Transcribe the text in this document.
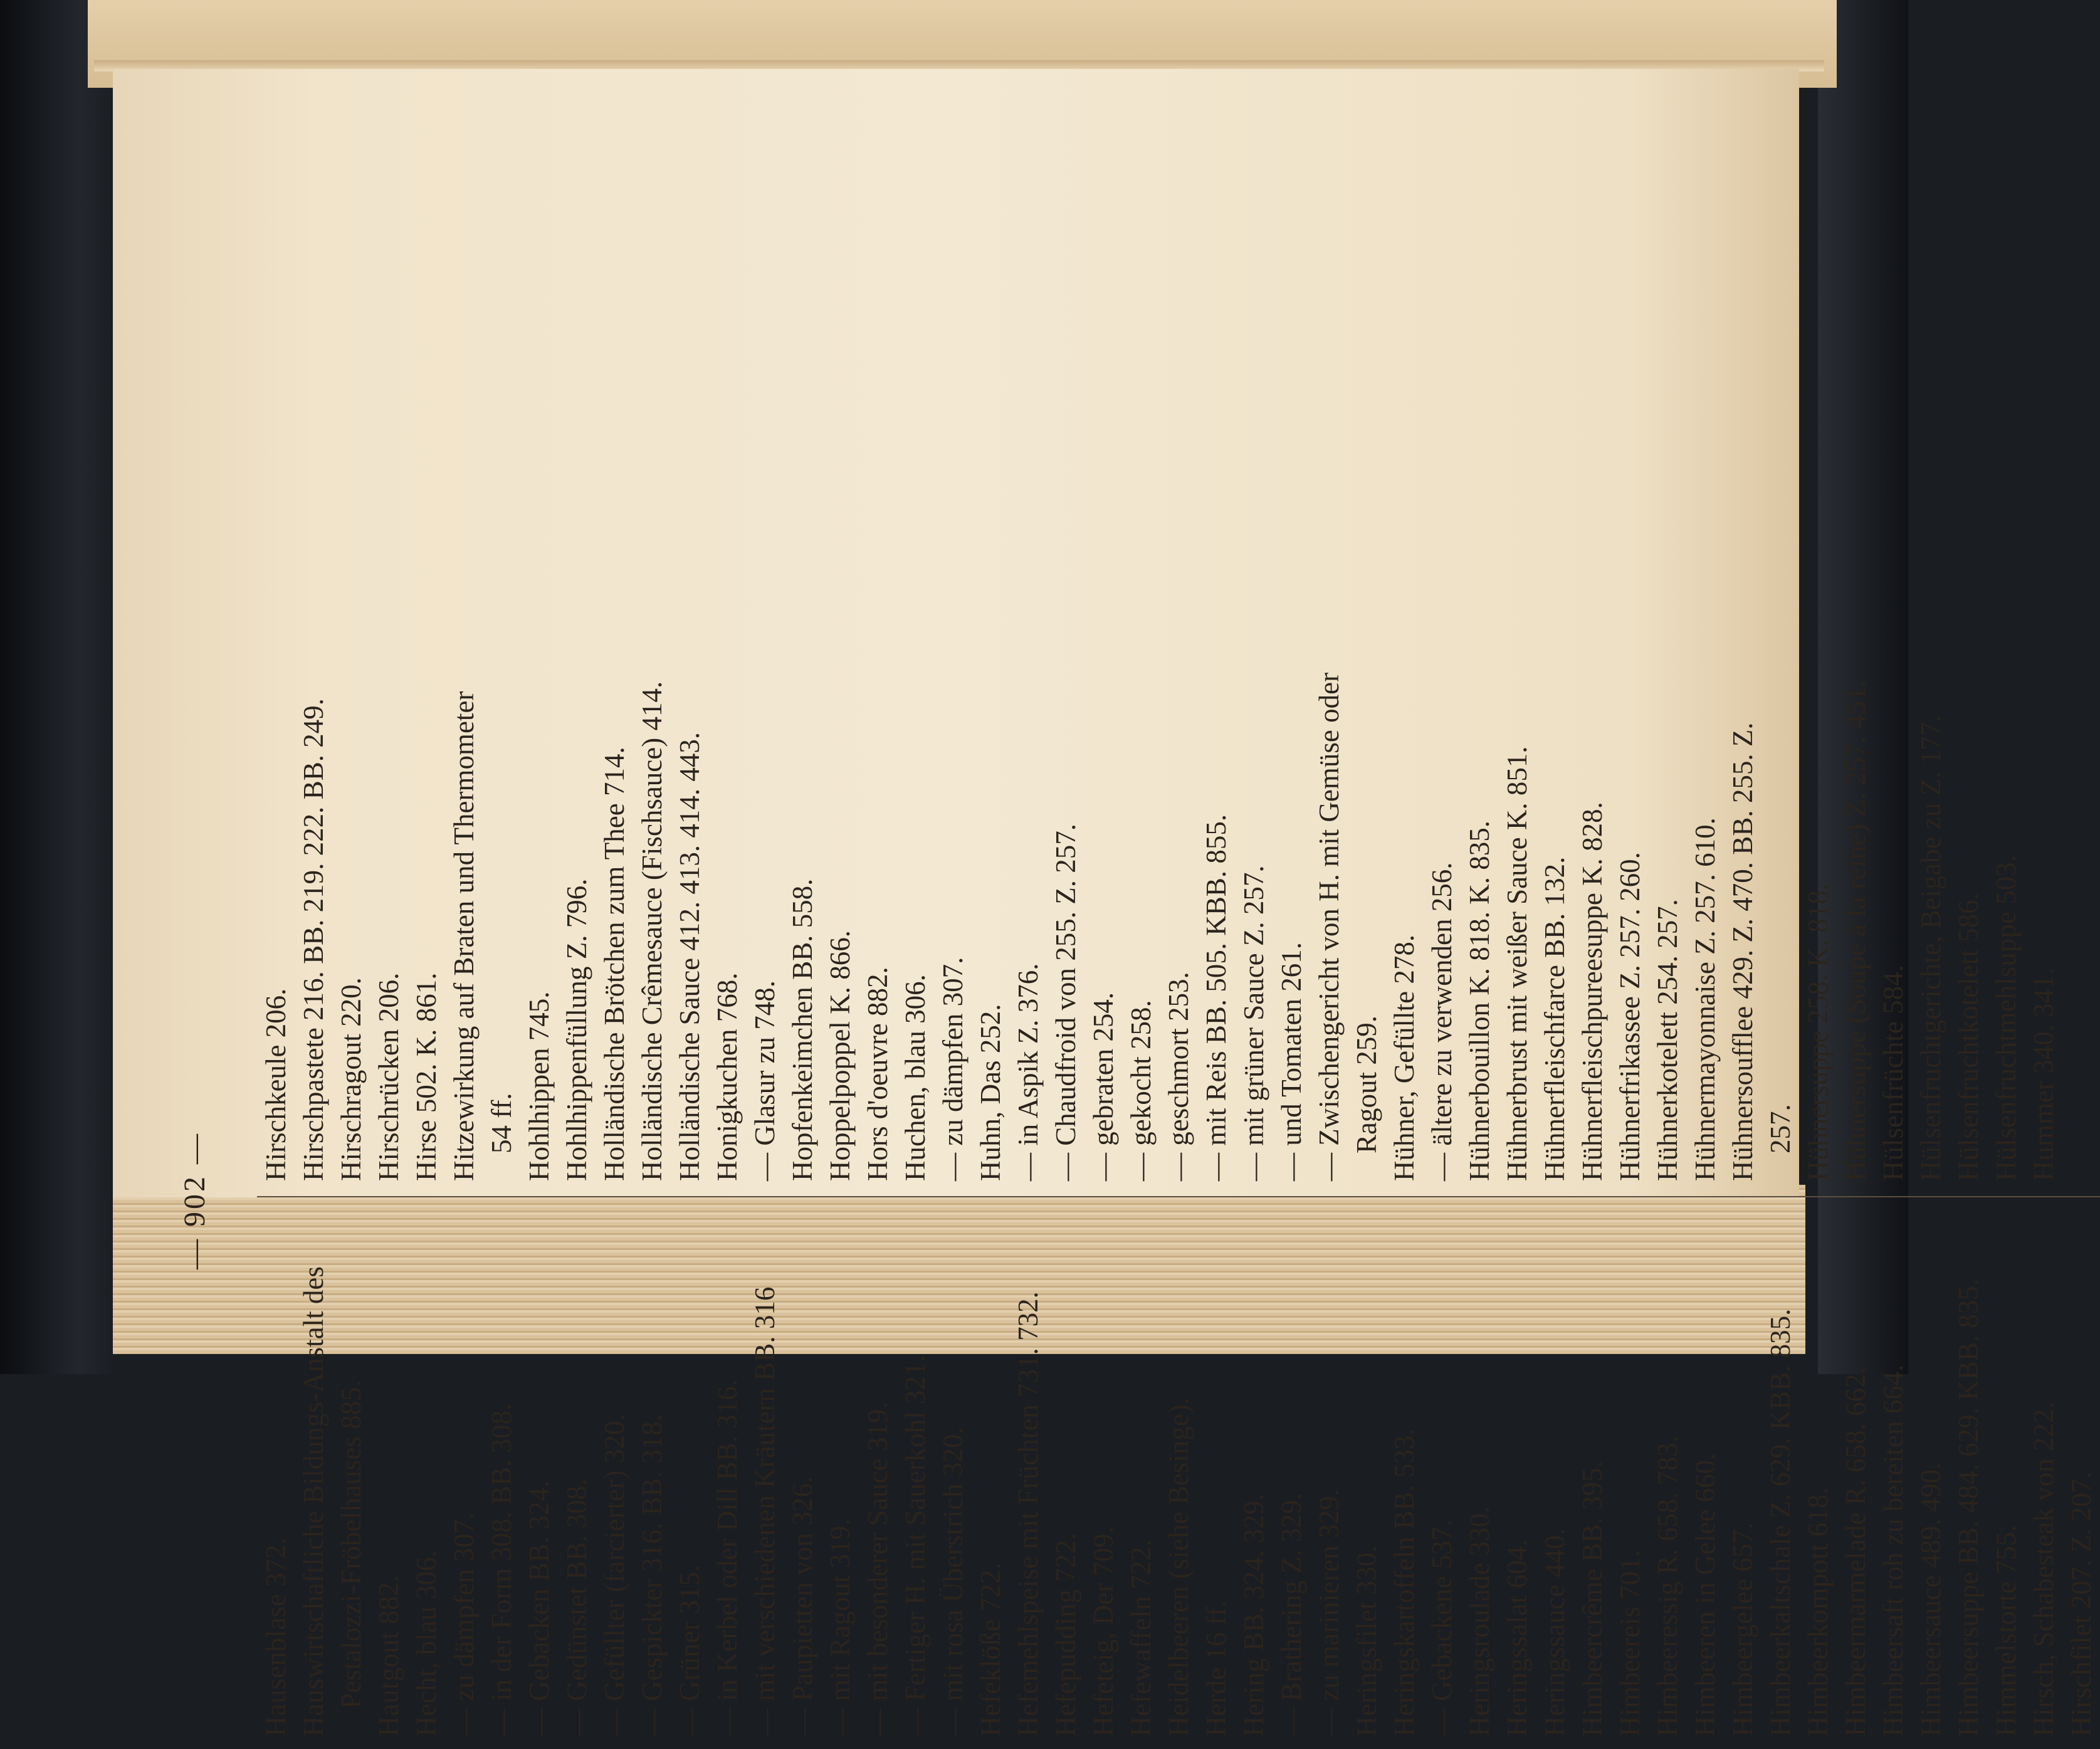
—
902
—
Hausenblase 372. Hauswirtschaftliche Bildungs-Anstalt des Pestalozzi-Fröbelhauses 885. Hautgout 882. Hecht, blau 306. — zu dämpfen 307. — in der Form 308. BB. 308. — Gebacken BB. 324. — Gedünstet BB. 308. — Gefüllter (farcierter) 320. — Gespickter 316. BB. 318. — Grüner 315. — in Kerbel oder Dill BB. 316. — mit verschiedenen Kräutern BB. 316 — Paupietten von 326. — mit Ragout 319. — mit besonderer Sauce 319. — Fertiger H. mit Sauerkohl 321. — mit rosa Überstrich 320. Hefeklöße 722. Hefemehlspeise mit Früchten 731. 732. Hefepudding 722. Hefeteig, Der 709. Hefewaffeln 722. Heidelbeeren (siehe Besinge). Herde 16 ff. Hering BB. 324. 329. — Brathering Z. 329. — zu marinieren 329. Heringsfilet 330. Heringskartoffeln BB. 533. — Gebackene 537. Heringsroulade 330. Heringssalat 604. Heringssauce 440. Himbeercrême BB. 395. Himbeereis 701. Himbeeressig R. 658. 783. Himbeeren in Gelee 660. Himbeergelee 657. Himbeerkaltschale Z. 629. KBB. 835. Himbeerkompott 618. Himbeermarmelade R. 658. 662. Himbeersaft roh zu bereiten 664. Himbeersauce 489. 490. Himbeersuppe BB. 484. 629. KBB. 835. Himmelstorte 755. Hirsch, Schabesteak von 222. Hirschfilet 207. Z. 207.
Hirschkeule 206. Hirschpastete 216. BB. 219. 222. BB. 249. Hirschragout 220. Hirschrücken 206. Hirse 502. K. 861. Hitzewirkung auf Braten und Thermometer 54 ff. Hohlhippen 745. Hohlhippenfüllung Z. 796. Holländische Brötchen zum Thee 714. Holländische Crêmesauce (Fischsauce) 414. Holländische Sauce 412. 413. 414. 443. Honigkuchen 768. — Glasur zu 748. Hopfenkeimchen BB. 558. Hoppelpoppel K. 866. Hors d'oeuvre 882. Huchen, blau 306. — zu dämpfen 307. Huhn, Das 252. — in Aspik Z. 376. — Chaudfroid von 255. Z. 257. — gebraten 254. — gekocht 258. — geschmort 253. — mit Reis BB. 505. KBB. 855. — mit grüner Sauce Z. 257. — und Tomaten 261. — Zwischengericht von H. mit Gemüse oder Ragout 259. Hühner, Gefüllte 278. — ältere zu verwenden 256. Hühnerbouillon K. 818. K. 835. Hühnerbrust mit weißer Sauce K. 851. Hühnerfleischfarce BB. 132. Hühnerfleischpureesuppe K. 828. Hühnerfrikassee Z. 257. 260. Hühnerkotelett 254. 257. Hühnermayonnaise Z. 257. 610. Hühnersoufflee 429. Z. 470. BB. 255. Z. 257. Hühnersuppe 258. K. 818. Hühnersuppe (Soupe à la reine) Z. 257. 451. Hülsenfrüchte 584. Hülsenfruchtgerichte, Beigabe zu Z. 177. Hülsenfruchtkotelett 586. Hülsenfruchtmehlsuppe 503. Hummer 340. 341.
